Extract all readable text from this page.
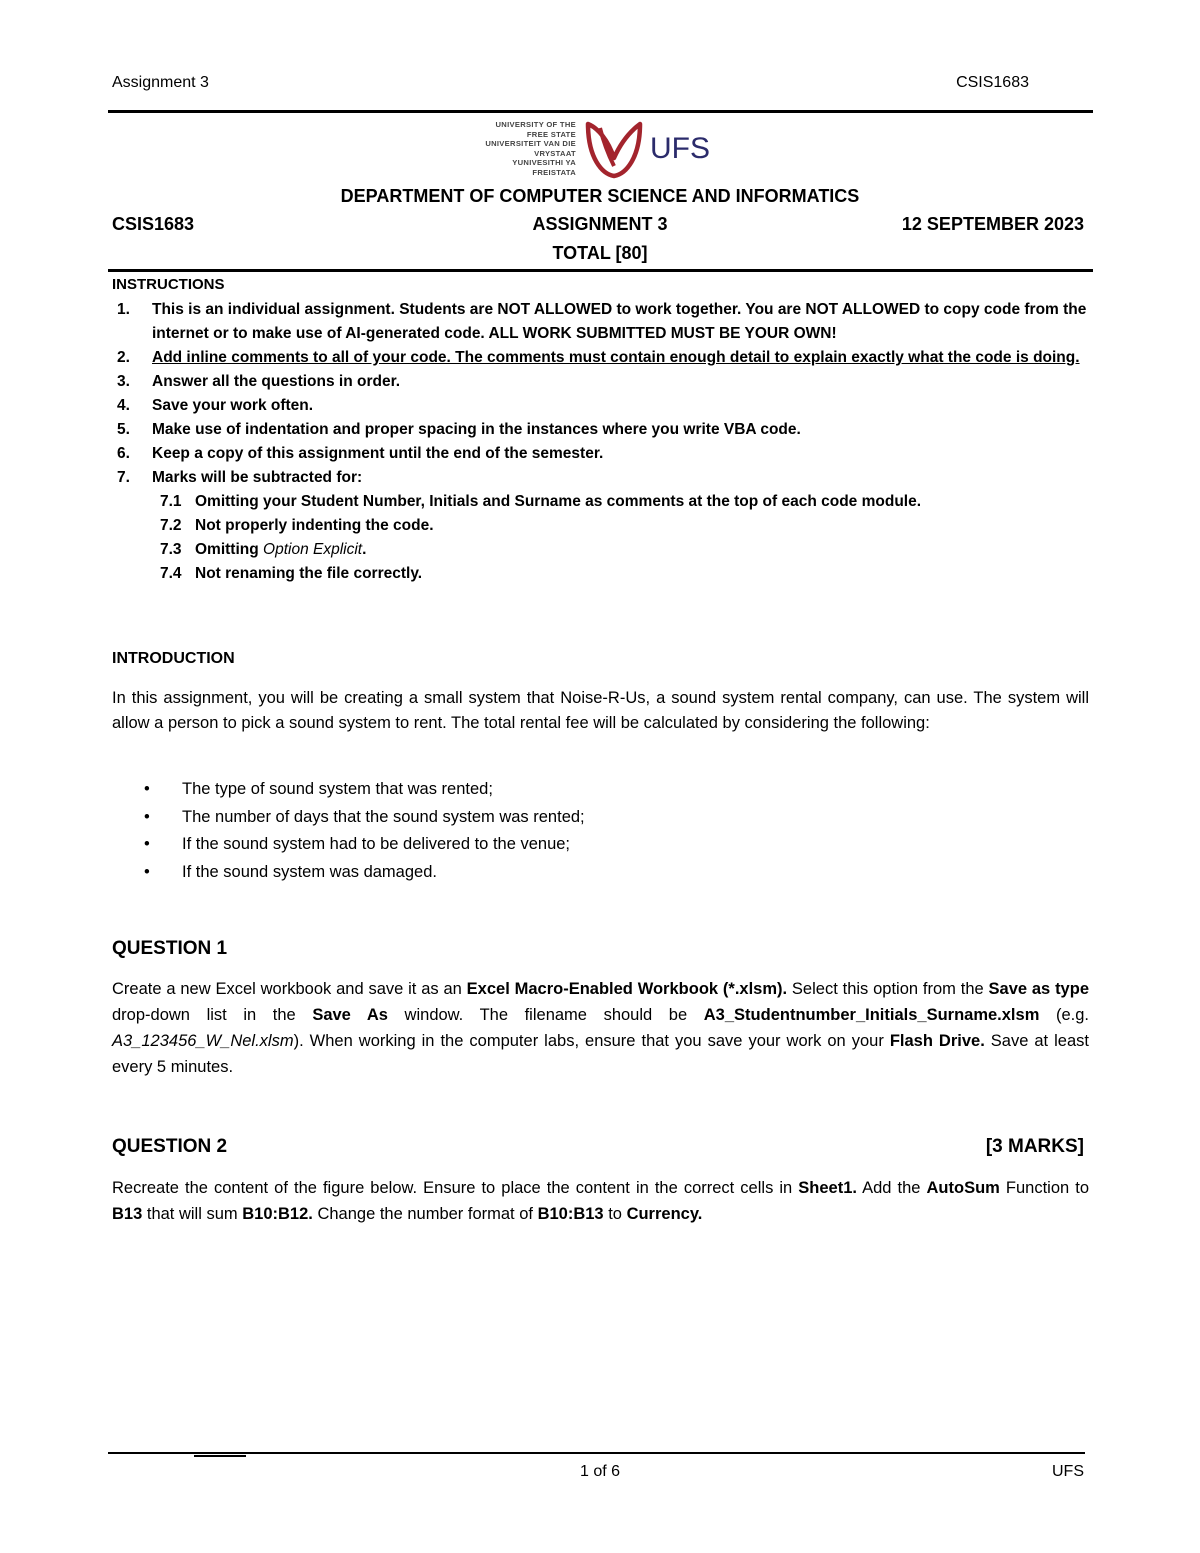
Assignment 3	CSIS1683
UNIVERSITY OF THE
FREE STATE
UNIVERSITEIT VAN DIE
VRYSTAAT
YUNIVESITHI YA
FREISTATA
UFS
DEPARTMENT OF COMPUTER SCIENCE AND INFORMATICS
CSIS1683	ASSIGNMENT 3	12 SEPTEMBER 2023
TOTAL [80]
INSTRUCTIONS
1. This is an individual assignment. Students are NOT ALLOWED to work together. You are NOT ALLOWED to copy code from the internet or to make use of AI-generated code. ALL WORK SUBMITTED MUST BE YOUR OWN!
2. Add inline comments to all of your code. The comments must contain enough detail to explain exactly what the code is doing.
3. Answer all the questions in order.
4. Save your work often.
5. Make use of indentation and proper spacing in the instances where you write VBA code.
6. Keep a copy of this assignment until the end of the semester.
7. Marks will be subtracted for:
7.1 Omitting your Student Number, Initials and Surname as comments at the top of each code module.
7.2 Not properly indenting the code.
7.3 Omitting Option Explicit.
7.4 Not renaming the file correctly.
INTRODUCTION
In this assignment, you will be creating a small system that Noise-R-Us, a sound system rental company, can use. The system will allow a person to pick a sound system to rent. The total rental fee will be calculated by considering the following:
• The type of sound system that was rented;
• The number of days that the sound system was rented;
• If the sound system had to be delivered to the venue;
• If the sound system was damaged.
QUESTION 1
Create a new Excel workbook and save it as an Excel Macro-Enabled Workbook (*.xlsm). Select this option from the Save as type drop-down list in the Save As window. The filename should be A3_Studentnumber_Initials_Surname.xlsm (e.g. A3_123456_W_Nel.xlsm). When working in the computer labs, ensure that you save your work on your Flash Drive. Save at least every 5 minutes.
QUESTION 2	[3 MARKS]
Recreate the content of the figure below. Ensure to place the content in the correct cells in Sheet1. Add the AutoSum Function to B13 that will sum B10:B12. Change the number format of B10:B13 to Currency.
1 of 6	UFS
